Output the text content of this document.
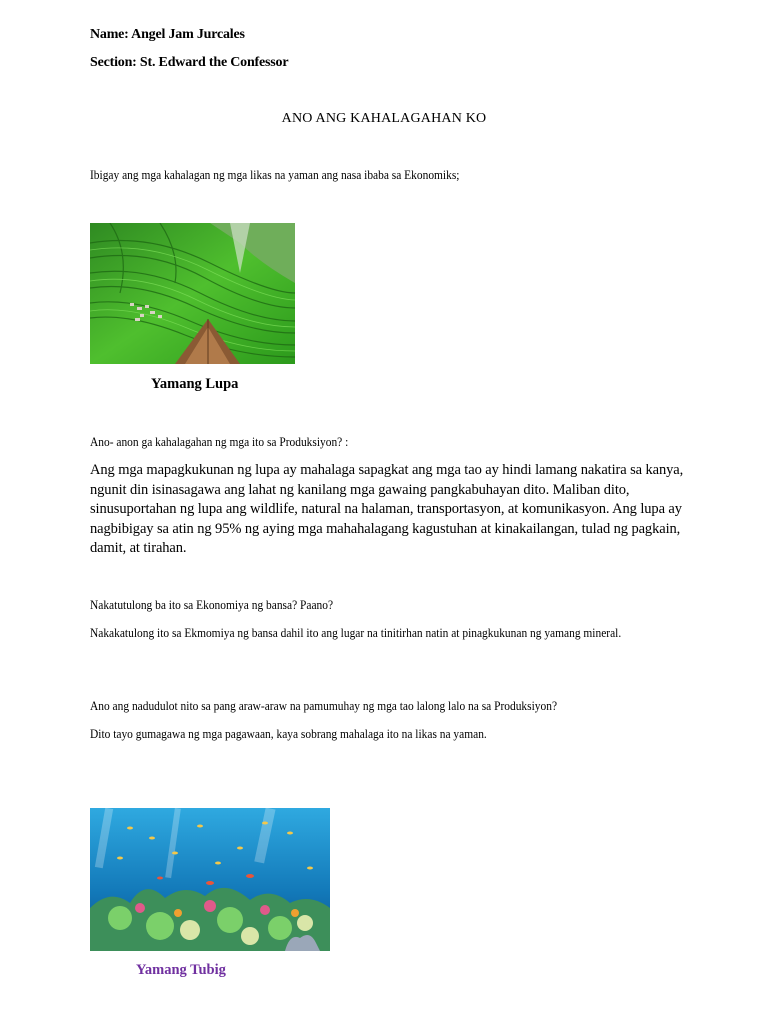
Name: Angel Jam Jurcales

Section: St. Edward the Confessor

ANO ANG KAHALAGAHAN KO

Ibigay ang mga kahalagan ng mga likas na yaman ang nasa ibaba sa Ekonomiks;

Yamang Lupa

Ano- anon ga kahalagahan ng mga ito sa Produksiyon? :

Ang mga mapagkukunan ng lupa ay mahalaga sapagkat ang mga tao ay hindi lamang nakatira sa kanya, ngunit din isinasagawa ang lahat ng kanilang mga gawaing pangkabuhayan dito. Maliban dito, sinusuportahan ng lupa ang wildlife, natural na halaman, transportasyon, at komunikasyon. Ang lupa ay nagbibigay sa atin ng 95% ng aying mga mahahalagang kagustuhan at kinakailangan, tulad ng pagkain, damit, at tirahan.

Nakatutulong ba ito sa Ekonomiya ng bansa? Paano?

Nakakatulong ito sa Ekmomiya ng bansa dahil ito ang lugar na tinitirhan natin at pinagkukunan ng yamang mineral.

Ano ang nadudulot nito sa pang araw-araw na pamumuhay ng mga tao lalong lalo na sa Produksiyon?

Dito tayo gumagawa ng mga pagawaan, kaya sobrang mahalaga ito na likas na yaman.

Yamang Tubig
